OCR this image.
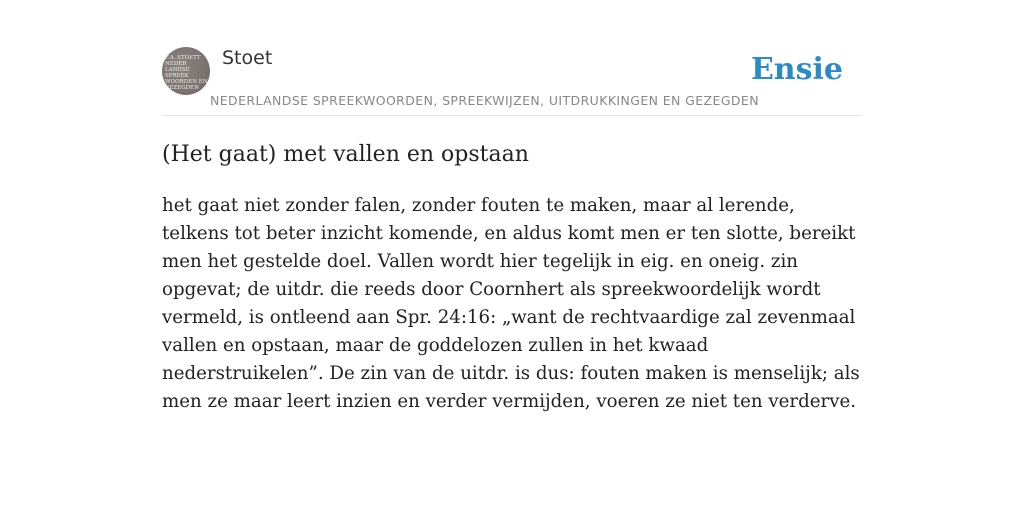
F.A. STOETT
NEDER
LANDSE
SPREEK
WOORDEN EN
GEZEGDEN
Stoet
NEDERLANDSE SPREEKWOORDEN, SPREEKWIJZEN, UITDRUKKINGEN EN GEZEGDEN
Ensie
(Het gaat) met vallen en opstaan

het gaat niet zonder falen, zonder fouten te maken, maar al lerende, telkens tot beter inzicht komende, en aldus komt men er ten slotte, bereikt men het gestelde doel. Vallen wordt hier tegelijk in eig. en oneig. zin opgevat; de uitdr. die reeds door Coornhert als spreekwoordelijk wordt vermeld, is ontleend aan Spr. 24:16: „want de rechtvaardige zal zevenmaal vallen en opstaan, maar de goddelozen zullen in het kwaad nederstruikelen”. De zin van de uitdr. is dus: fouten maken is menselijk; als men ze maar leert inzien en verder vermijden, voeren ze niet ten verderve.
